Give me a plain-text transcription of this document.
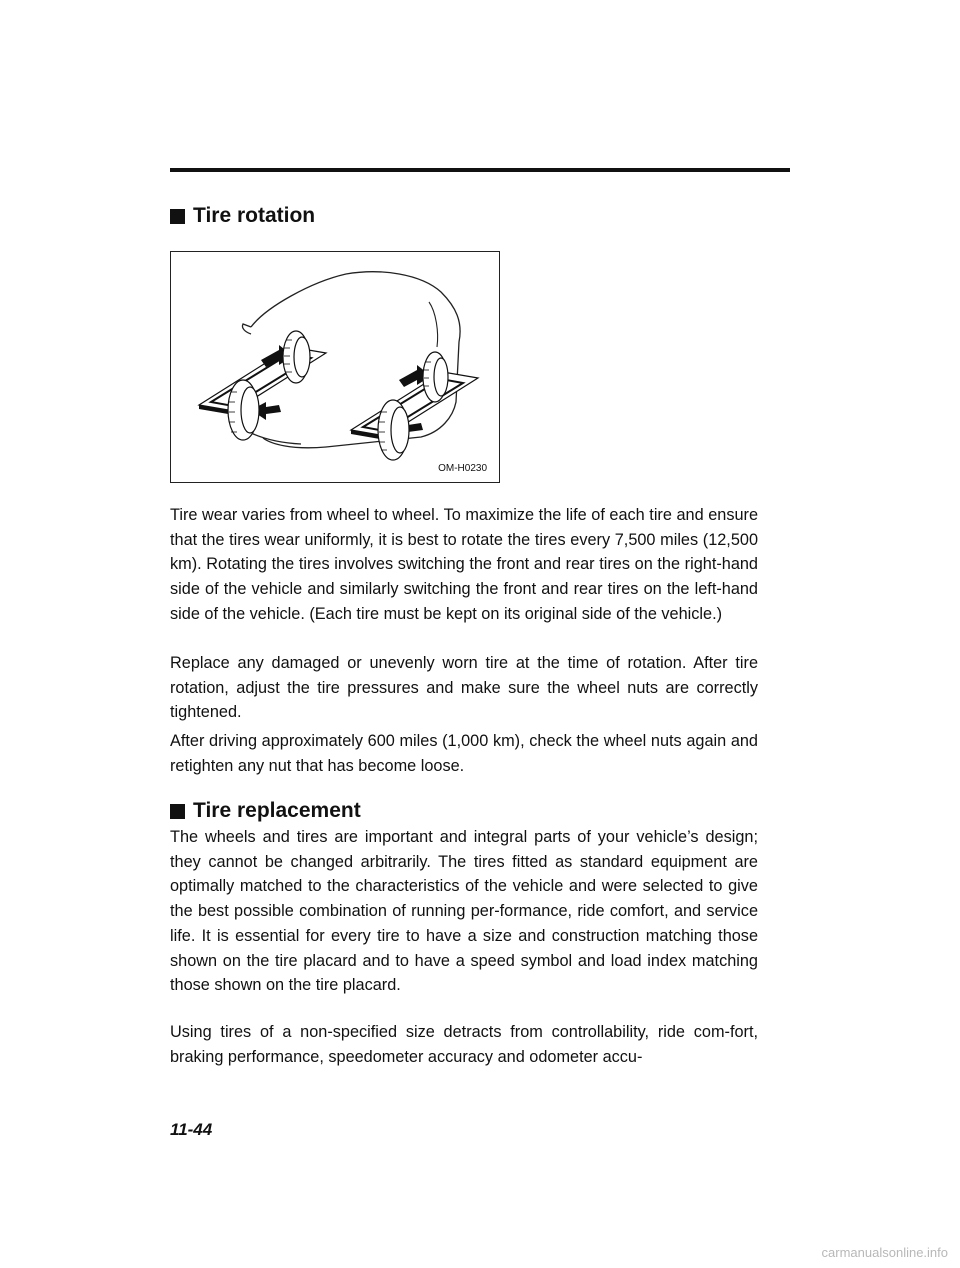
Tire rotation
OM-H0230

Tire wear varies from wheel to wheel. To maximize the life of each tire and ensure that the tires wear uniformly, it is best to rotate the tires every 7,500 miles (12,500 km). Rotating the tires involves switching the front and rear tires on the right-hand side of the vehicle and similarly switching the front and rear tires on the left-hand side of the vehicle. (Each tire must be kept on its original side of the vehicle.)

Replace any damaged or unevenly worn tire at the time of rotation. After tire rotation, adjust the tire pressures and make sure the wheel nuts are correctly tightened.

After driving approximately 600 miles (1,000 km), check the wheel nuts again and retighten any nut that has become loose.

Tire replacement

The wheels and tires are important and integral parts of your vehicle’s design; they cannot be changed arbitrarily. The tires fitted as standard equipment are optimally matched to the characteristics of the vehicle and were selected to give the best possible combination of running per-formance, ride comfort, and service life. It is essential for every tire to have a size and construction matching those shown on the tire placard and to have a speed symbol and load index matching those shown on the tire placard.

Using tires of a non-specified size detracts from controllability, ride com-fort, braking performance, speedometer accuracy and odometer accu-

11-44
carmanualsonline.info
